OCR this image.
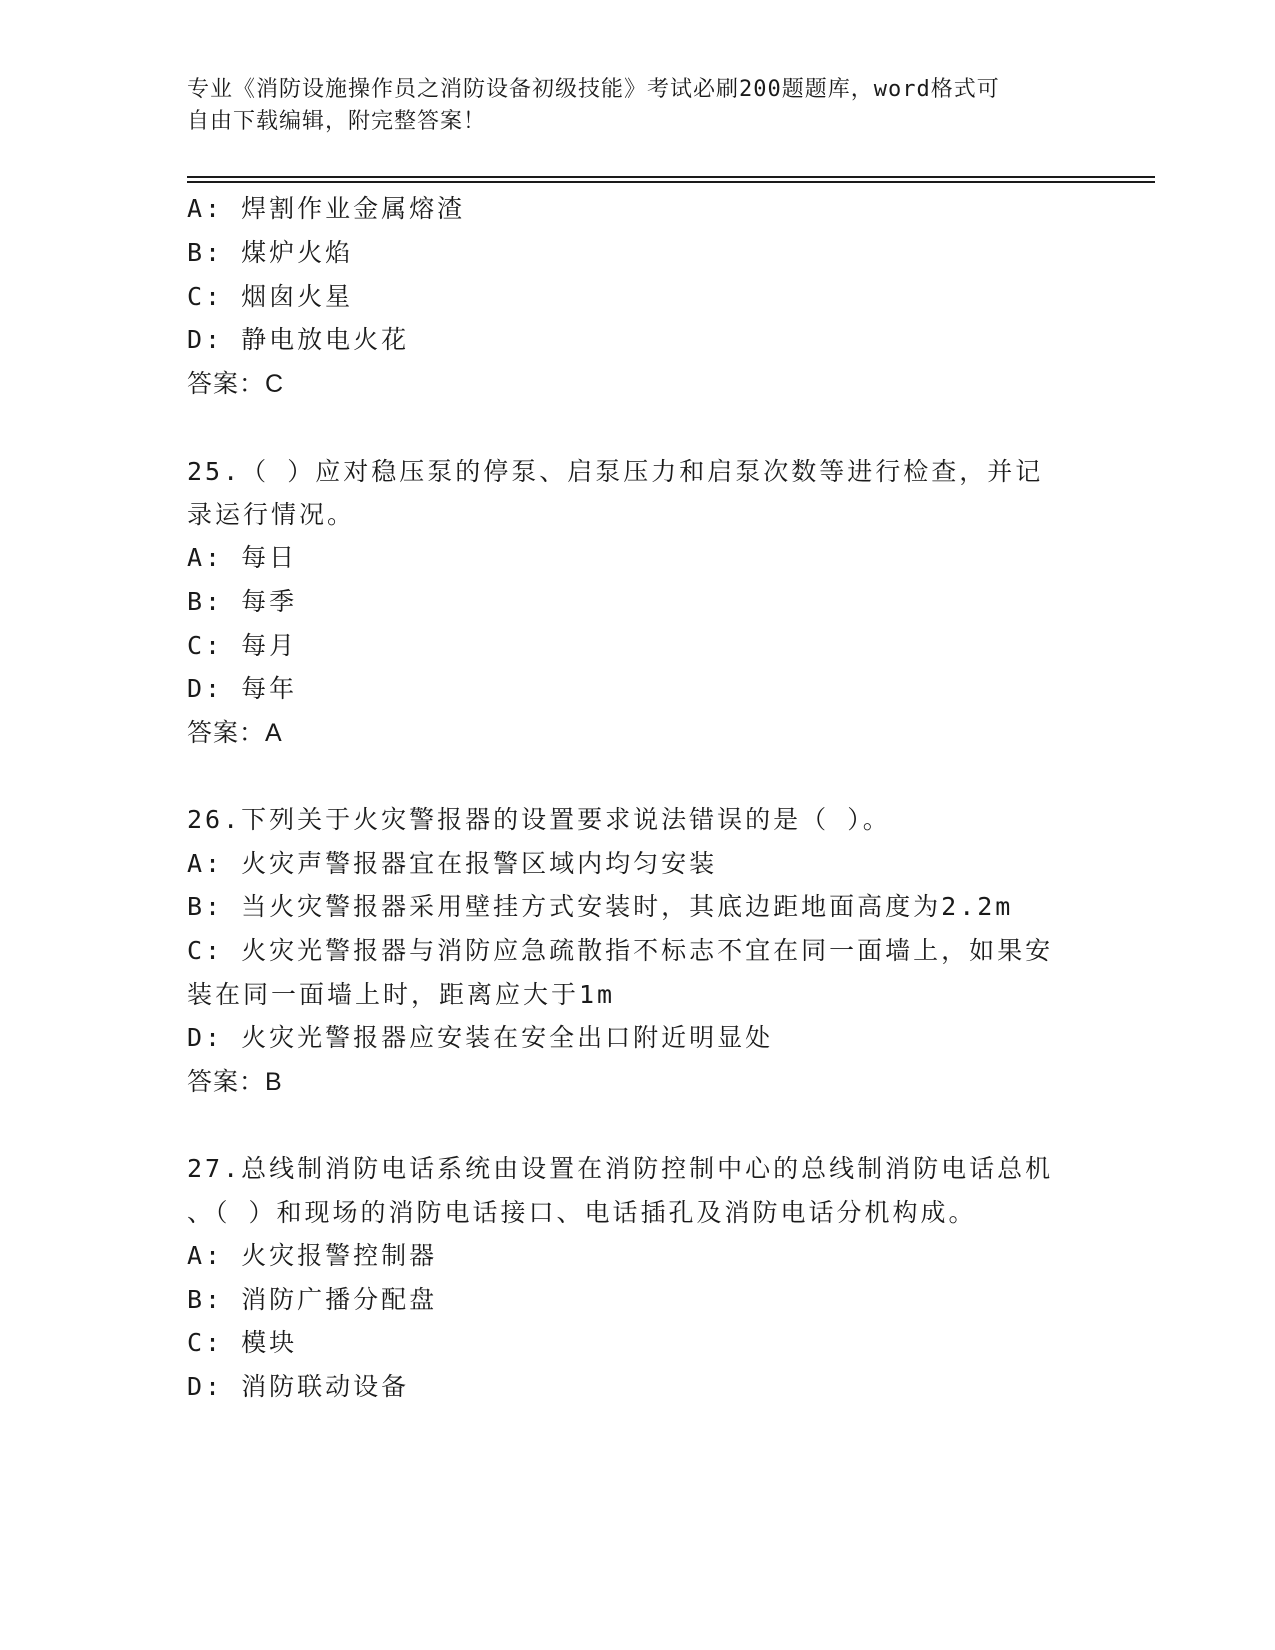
专业《消防设施操作员之消防设备初级技能》考试必刷200题题库，word格式可
自由下载编辑，附完整答案！
A: 焊割作业金属熔渣
B: 煤炉火焰
C: 烟囱火星
D: 静电放电火花
答案：C
25.（ ）应对稳压泵的停泵、启泵压力和启泵次数等进行检查，并记
录运行情况。
A: 每日
B: 每季
C: 每月
D: 每年
答案：A
26.下列关于火灾警报器的设置要求说法错误的是（ ）。
A: 火灾声警报器宜在报警区域内均匀安装
B: 当火灾警报器采用壁挂方式安装时，其底边距地面高度为2.2m
C: 火灾光警报器与消防应急疏散指不标志不宜在同一面墙上，如果安
装在同一面墙上时，距离应大于1m
D: 火灾光警报器应安装在安全出口附近明显处
答案：B
27.总线制消防电话系统由设置在消防控制中心的总线制消防电话总机
、（ ）和现场的消防电话接口、电话插孔及消防电话分机构成。
A: 火灾报警控制器
B: 消防广播分配盘
C: 模块
D: 消防联动设备
